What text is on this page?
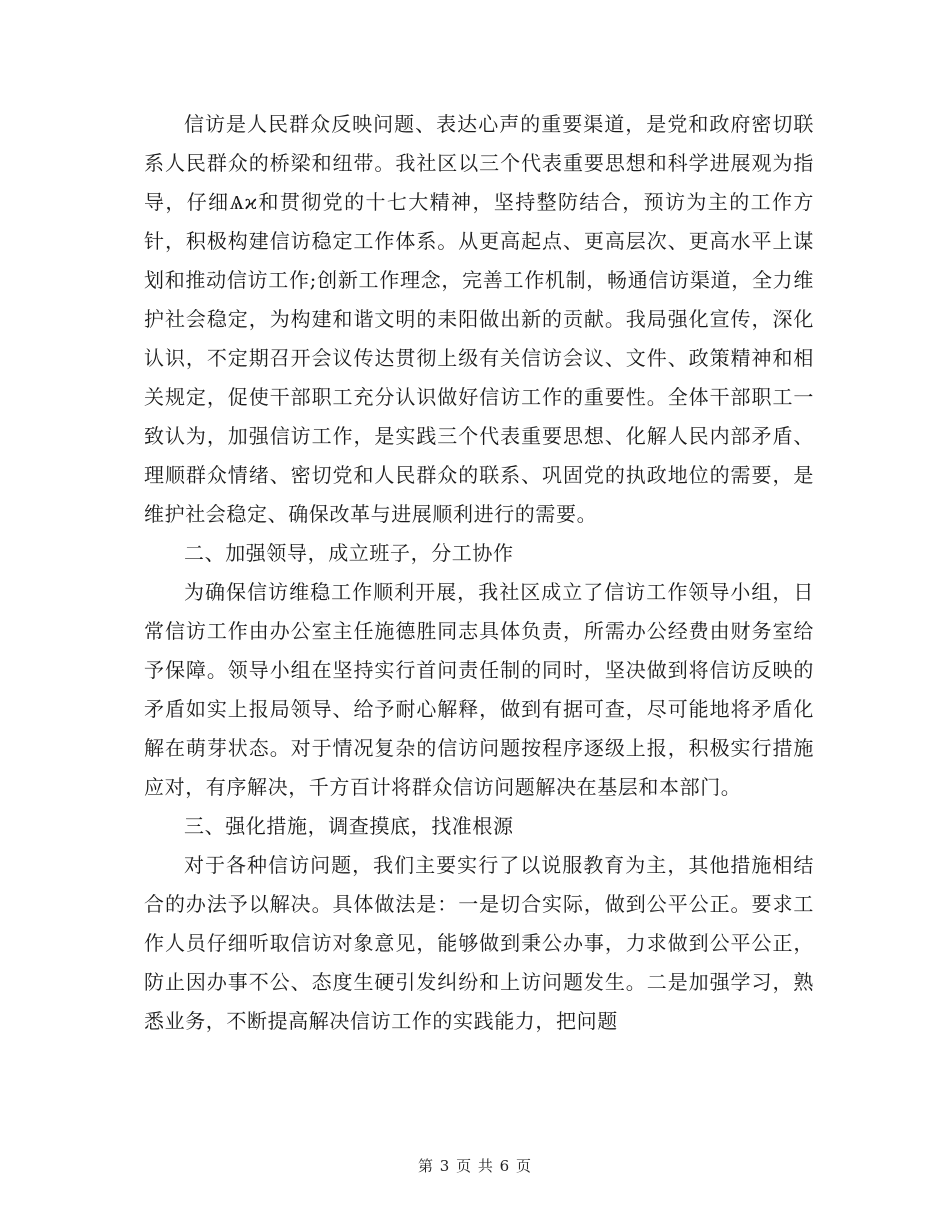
信访是人民群众反映问题、表达心声的重要渠道，是党和政府密切联系人民群众的桥梁和纽带。我社区以三个代表重要思想和科学进展观为指导，仔细Ѧϰ和贯彻党的十七大精神，坚持整防结合，预访为主的工作方针，积极构建信访稳定工作体系。从更高起点、更高层次、更高水平上谋划和推动信访工作;创新工作理念，完善工作机制，畅通信访渠道，全力维护社会稳定，为构建和谐文明的耒阳做出新的贡献。我局强化宣传，深化认识，不定期召开会议传达贯彻上级有关信访会议、文件、政策精神和相关规定，促使干部职工充分认识做好信访工作的重要性。全体干部职工一致认为，加强信访工作，是实践三个代表重要思想、化解人民内部矛盾、理顺群众情绪、密切党和人民群众的联系、巩固党的执政地位的需要，是维护社会稳定、确保改革与进展顺利进行的需要。

二、加强领导，成立班子，分工协作

为确保信访维稳工作顺利开展，我社区成立了信访工作领导小组，日常信访工作由办公室主任施德胜同志具体负责，所需办公经费由财务室给予保障。领导小组在坚持实行首问责任制的同时，坚决做到将信访反映的矛盾如实上报局领导、给予耐心解释，做到有据可查，尽可能地将矛盾化解在萌芽状态。对于情况复杂的信访问题按程序逐级上报，积极实行措施应对，有序解决，千方百计将群众信访问题解决在基层和本部门。

三、强化措施，调查摸底，找准根源

对于各种信访问题，我们主要实行了以说服教育为主，其他措施相结合的办法予以解决。具体做法是：一是切合实际，做到公平公正。要求工作人员仔细听取信访对象意见，能够做到秉公办事，力求做到公平公正，防止因办事不公、态度生硬引发纠纷和上访问题发生。二是加强学习，熟悉业务，不断提高解决信访工作的实践能力，把问题

第 3 页 共 6 页
